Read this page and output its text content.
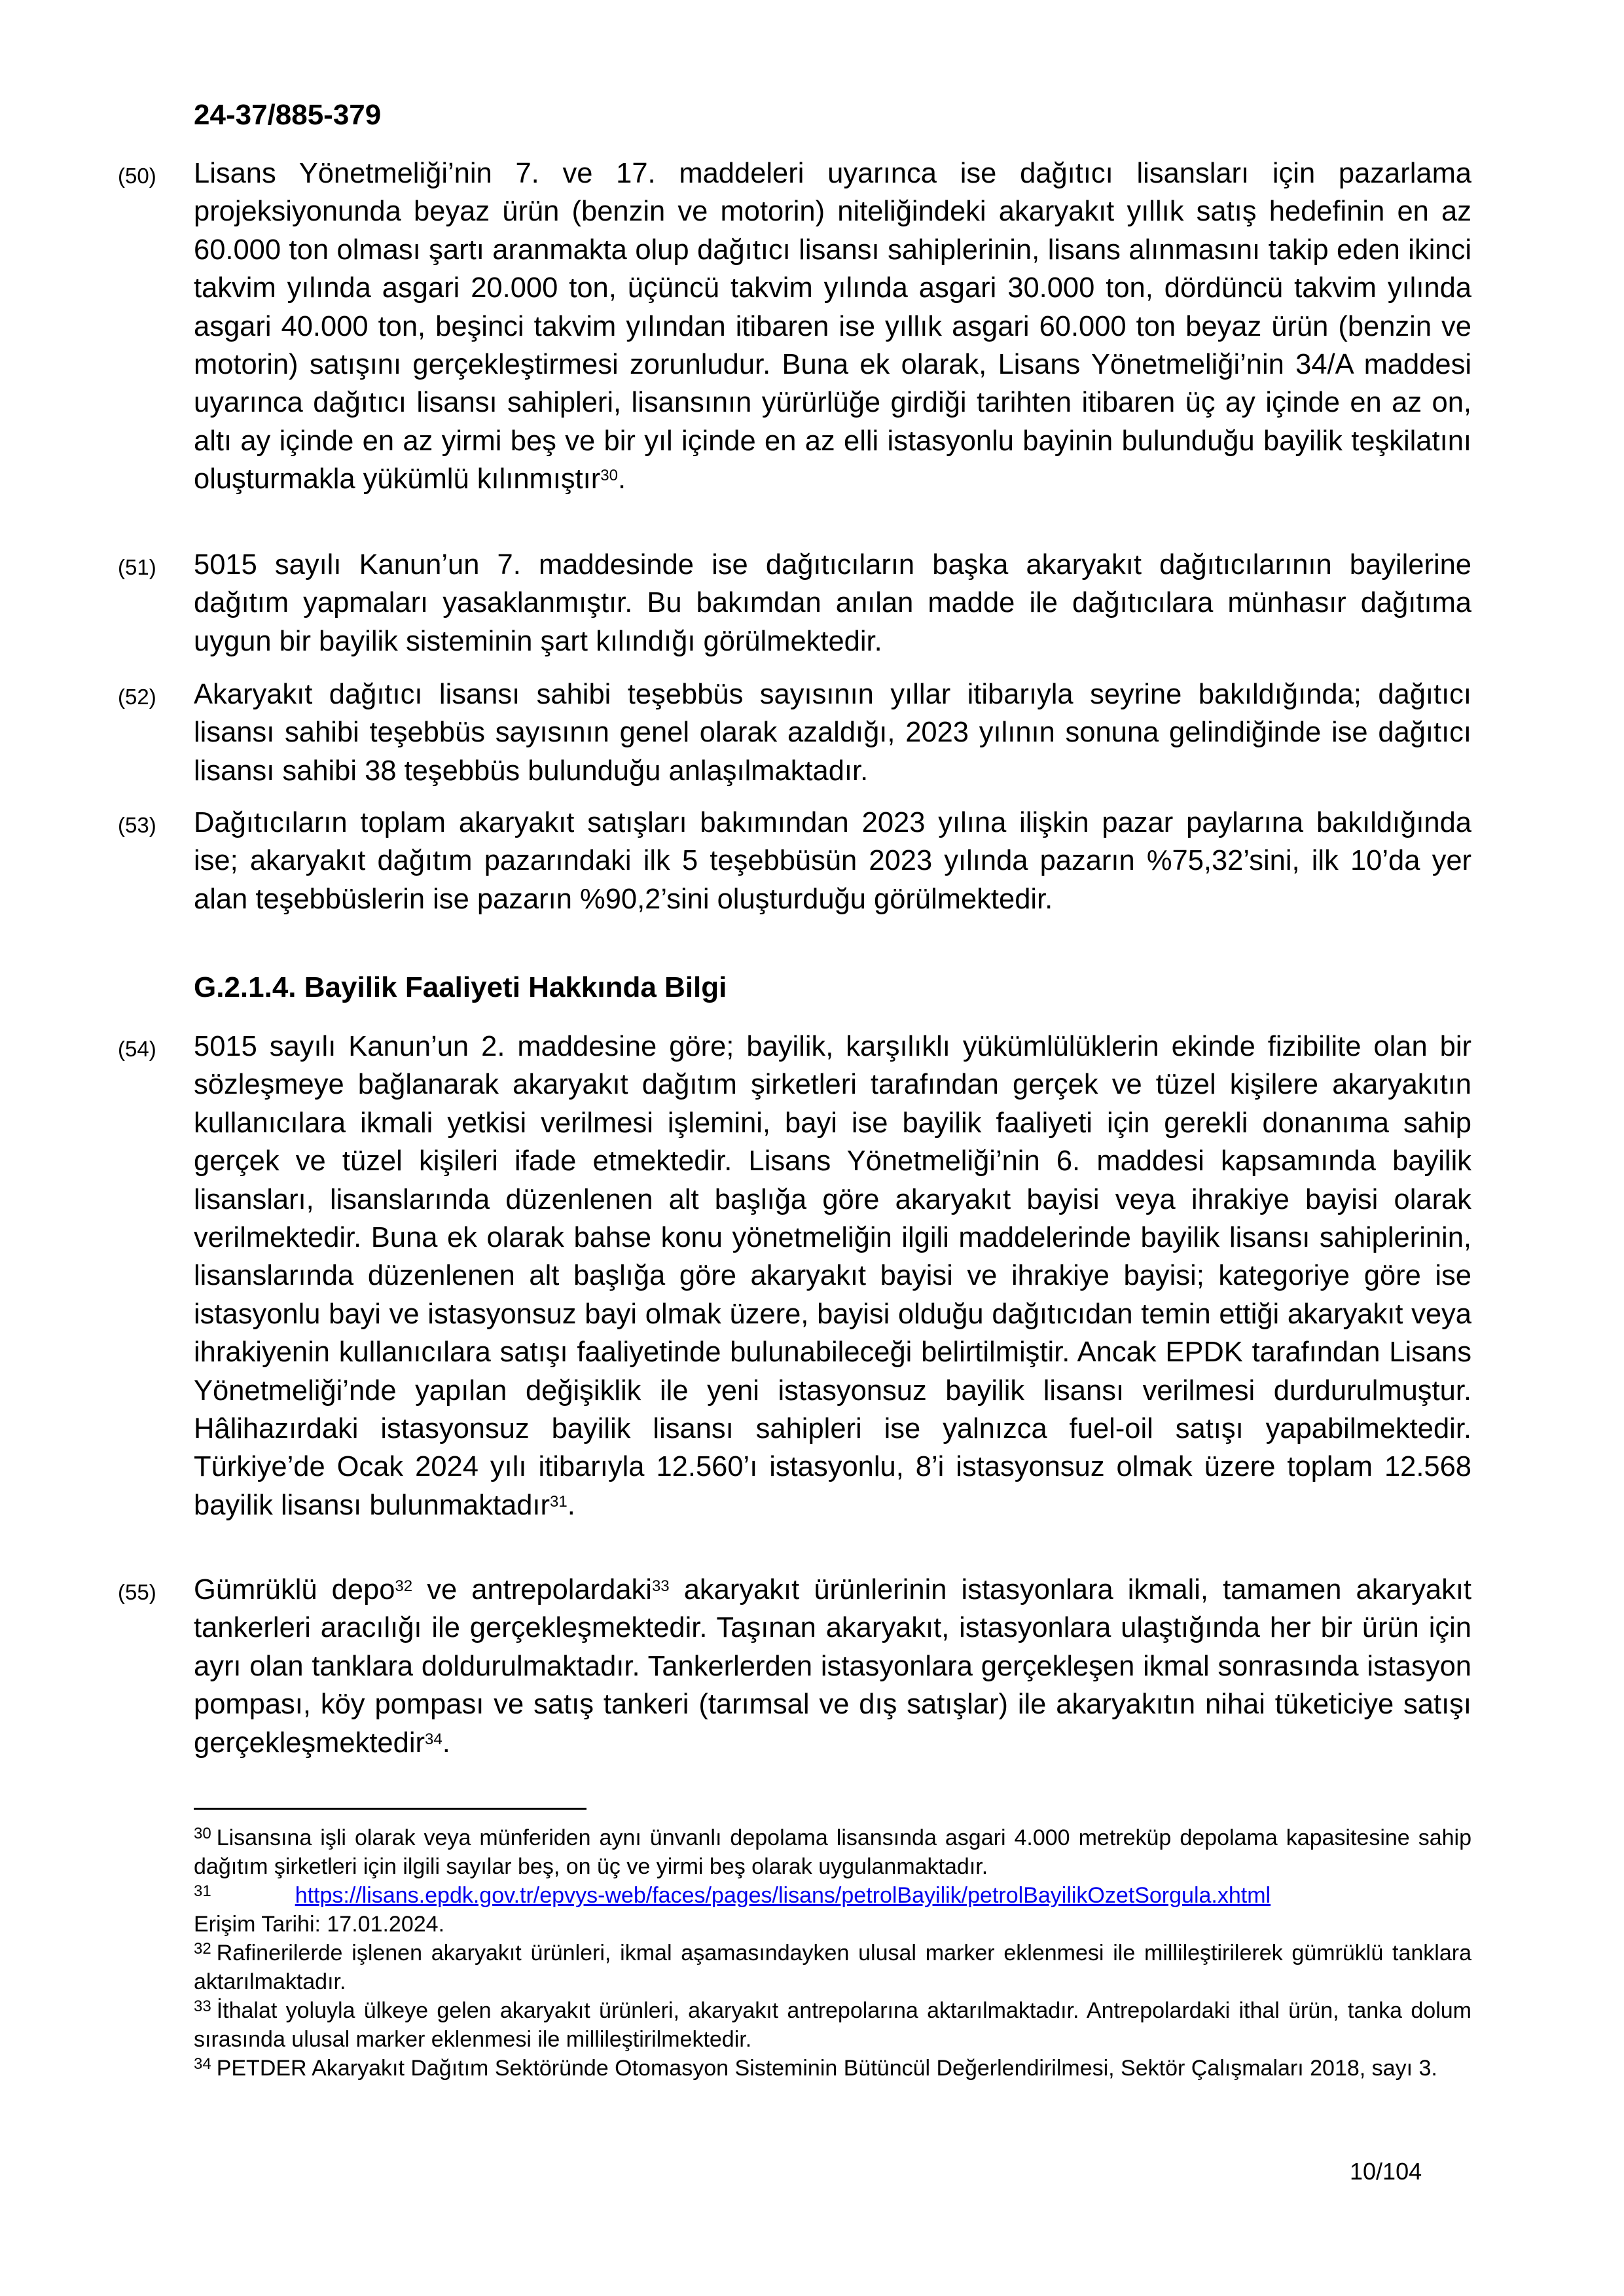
24-37/885-379
(50) Lisans Yönetmeliği’nin 7. ve 17. maddeleri uyarınca ise dağıtıcı lisansları için pazarlama projeksiyonunda beyaz ürün (benzin ve motorin) niteliğindeki akaryakıt yıllık satış hedefinin en az 60.000 ton olması şartı aranmakta olup dağıtıcı lisansı sahiplerinin, lisans alınmasını takip eden ikinci takvim yılında asgari 20.000 ton, üçüncü takvim yılında asgari 30.000 ton, dördüncü takvim yılında asgari 40.000 ton, beşinci takvim yılından itibaren ise yıllık asgari 60.000 ton beyaz ürün (benzin ve motorin) satışını gerçekleştirmesi zorunludur. Buna ek olarak, Lisans Yönetmeliği’nin 34/A maddesi uyarınca dağıtıcı lisansı sahipleri, lisansının yürürlüğe girdiği tarihten itibaren üç ay içinde en az on, altı ay içinde en az yirmi beş ve bir yıl içinde en az elli istasyonlu bayinin bulunduğu bayilik teşkilatını oluşturmakla yükümlü kılınmıştır$^{30}$.
(51) 5015 sayılı Kanun’un 7. maddesinde ise dağıtıcıların başka akaryakıt dağıtıcılarının bayilerine dağıtım yapmaları yasaklanmıştır. Bu bakımdan anılan madde ile dağıtıcılara münhasır dağıtıma uygun bir bayilik sisteminin şart kılındığı görülmektedir.
(52) Akaryakıt dağıtıcı lisansı sahibi teşebbüs sayısının yıllar itibarıyla seyrine bakıldığında; dağıtıcı lisansı sahibi teşebbüs sayısının genel olarak azaldığı, 2023 yılının sonuna gelindiğinde ise dağıtıcı lisansı sahibi 38 teşebbüs bulunduğu anlaşılmaktadır.
(53) Dağıtıcıların toplam akaryakıt satışları bakımından 2023 yılına ilişkin pazar paylarına bakıldığında ise; akaryakıt dağıtım pazarındaki ilk 5 teşebbüsün 2023 yılında pazarın %75,32’sini, ilk 10’da yer alan teşebbüslerin ise pazarın %90,2’sini oluşturduğu görülmektedir.
G.2.1.4. Bayilik Faaliyeti Hakkında Bilgi
(54) 5015 sayılı Kanun’un 2. maddesine göre; bayilik, karşılıklı yükümlülüklerin ekinde fizibilite olan bir sözleşmeye bağlanarak akaryakıt dağıtım şirketleri tarafından gerçek ve tüzel kişilere akaryakıtın kullanıcılara ikmali yetkisi verilmesi işlemini, bayi ise bayilik faaliyeti için gerekli donanıma sahip gerçek ve tüzel kişileri ifade etmektedir. Lisans Yönetmeliği’nin 6. maddesi kapsamında bayilik lisansları, lisanslarında düzenlenen alt başlığa göre akaryakıt bayisi veya ihrakiye bayisi olarak verilmektedir. Buna ek olarak bahse konu yönetmeliğin ilgili maddelerinde bayilik lisansı sahiplerinin, lisanslarında düzenlenen alt başlığa göre akaryakıt bayisi ve ihrakiye bayisi; kategoriye göre ise istasyonlu bayi ve istasyonsuz bayi olmak üzere, bayisi olduğu dağıtıcıdan temin ettiği akaryakıt veya ihrakiyenin kullanıcılara satışı faaliyetinde bulunabileceği belirtilmiştir. Ancak EPDK tarafından Lisans Yönetmeliği’nde yapılan değişiklik ile yeni istasyonsuz bayilik lisansı verilmesi durdurulmuştur. Hâlihazırdaki istasyonsuz bayilik lisansı sahipleri ise yalnızca fuel-oil satışı yapabilmektedir. Türkiye’de Ocak 2024 yılı itibarıyla 12.560’ı istasyonlu, 8’i istasyonsuz olmak üzere toplam 12.568 bayilik lisansı bulunmaktadır$^{31}$.
(55) Gümrüklü depo$^{32}$ ve antrepolardaki$^{33}$ akaryakıt ürünlerinin istasyonlara ikmali, tamamen akaryakıt tankerleri aracılığı ile gerçekleşmektedir. Taşınan akaryakıt, istasyonlara ulaştığında her bir ürün için ayrı olan tanklara doldurulmaktadır. Tankerlerden istasyonlara gerçekleşen ikmal sonrasında istasyon pompası, köy pompası ve satış tankeri (tarımsal ve dış satışlar) ile akaryakıtın nihai tüketiciye satışı gerçekleşmektedir$^{34}$.
$^{30}$ Lisansına işli olarak veya münferiden aynı ünvanlı depolama lisansında asgari 4.000 metreküp depolama kapasitesine sahip dağıtım şirketleri için ilgili sayılar beş, on üç ve yirmi beş olarak uygulanmaktadır.
$^{31}$	https://lisans.epdk.gov.tr/epvys-web/faces/pages/lisans/petrolBayilik/petrolBayilikOzetSorgula.xhtml
Erişim Tarihi: 17.01.2024.
$^{32}$ Rafinerilerde işlenen akaryakıt ürünleri, ikmal aşamasındayken ulusal marker eklenmesi ile millileştirilerek gümrüklü tanklara aktarılmaktadır.
$^{33}$ İthalat yoluyla ülkeye gelen akaryakıt ürünleri, akaryakıt antrepolarına aktarılmaktadır. Antrepolardaki ithal ürün, tanka dolum sırasında ulusal marker eklenmesi ile millileştirilmektedir.
$^{34}$ PETDER Akaryakıt Dağıtım Sektöründe Otomasyon Sisteminin Bütüncül Değerlendirilmesi, Sektör Çalışmaları 2018, sayı 3.
10/104
